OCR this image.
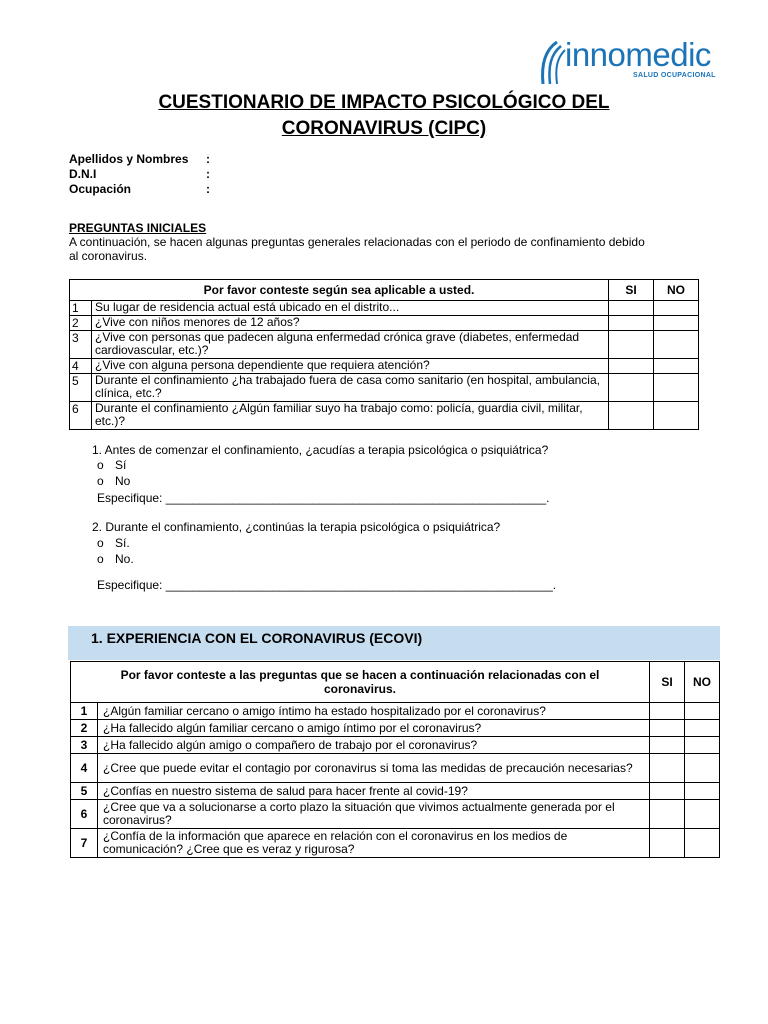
innomedic
SALUD OCUPACIONAL
CUESTIONARIO DE IMPACTO PSICOLÓGICO DEL
CORONAVIRUS (CIPC)
Apellidos y Nombres :
D.N.I	:
Ocupación	:
PREGUNTAS INICIALES
A continuación, se hacen algunas preguntas generales relacionadas con el periodo de confinamiento debido
al coronavirus.
Por favor conteste según sea aplicable a usted.		SI	NO
1	Su lugar de residencia actual está ubicado en el distrito...		
2	¿Vive con niños menores de 12 años?		
3	¿Vive con personas que padecen alguna enfermedad crónica grave (diabetes, enfermedad cardiovascular, etc.)?		
4	¿Vive con alguna persona dependiente que requiera atención?		
5	Durante el confinamiento ¿ha trabajado fuera de casa como sanitario (en hospital, ambulancia, clínica, etc.?		
6	Durante el confinamiento ¿Algún familiar suyo ha trabajo como: policía, guardia civil, militar, etc.)?		
1. Antes de comenzar el confinamiento, ¿acudías a terapia psicológica o psiquiátrica?
o Sí
o No
Especifique: _________________________________________________________.
2. Durante el confinamiento, ¿continúas la terapia psicológica o psiquiátrica?
o Sí.
o No.
Especifique: __________________________________________________________.
1. EXPERIENCIA CON EL CORONAVIRUS (ECOVI)
Por favor conteste a las preguntas que se hacen a continuación relacionadas con el coronavirus.		SI	NO
1	¿Algún familiar cercano o amigo íntimo ha estado hospitalizado por el coronavirus?		
2	¿Ha fallecido algún familiar cercano o amigo íntimo por el coronavirus?		
3	¿Ha fallecido algún amigo o compañero de trabajo por el coronavirus?		
4	¿Cree que puede evitar el contagio por coronavirus si toma las medidas de precaución necesarias?		
5	¿Confías en nuestro sistema de salud para hacer frente al covid-19?		
6	¿Cree que va a solucionarse a corto plazo la situación que vivimos actualmente generada por el coronavirus?		
7	¿Confía de la información que aparece en relación con el coronavirus en los medios de comunicación? ¿Cree que es veraz y rigurosa?		
